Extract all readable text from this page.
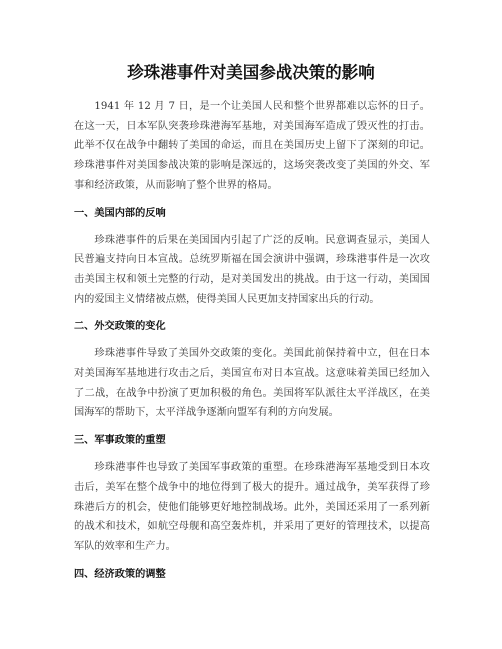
珍珠港事件对美国参战决策的影响

1941 年 12 月 7 日，是一个让美国人民和整个世界都难以忘怀的日子。在这一天，日本军队突袭珍珠港海军基地，对美国海军造成了毁灭性的打击。此举不仅在战争中翻转了美国的命运，而且在美国历史上留下了深刻的印记。珍珠港事件对美国参战决策的影响是深远的，这场突袭改变了美国的外交、军事和经济政策，从而影响了整个世界的格局。

一、美国内部的反响

珍珠港事件的后果在美国国内引起了广泛的反响。民意调查显示，美国人民普遍支持向日本宣战。总统罗斯福在国会演讲中强调，珍珠港事件是一次攻击美国主权和领土完整的行动，是对美国发出的挑战。由于这一行动，美国国内的爱国主义情绪被点燃，使得美国人民更加支持国家出兵的行动。

二、外交政策的变化

珍珠港事件导致了美国外交政策的变化。美国此前保持着中立，但在日本对美国海军基地进行攻击之后，美国宣布对日本宣战。这意味着美国已经加入了二战，在战争中扮演了更加积极的角色。美国将军队派往太平洋战区，在美国海军的帮助下，太平洋战争逐渐向盟军有利的方向发展。

三、军事政策的重塑

珍珠港事件也导致了美国军事政策的重塑。在珍珠港海军基地受到日本攻击后，美军在整个战争中的地位得到了极大的提升。通过战争，美军获得了珍珠港后方的机会，使他们能够更好地控制战场。此外，美国还采用了一系列新的战术和技术，如航空母舰和高空轰炸机，并采用了更好的管理技术，以提高军队的效率和生产力。

四、经济政策的调整
